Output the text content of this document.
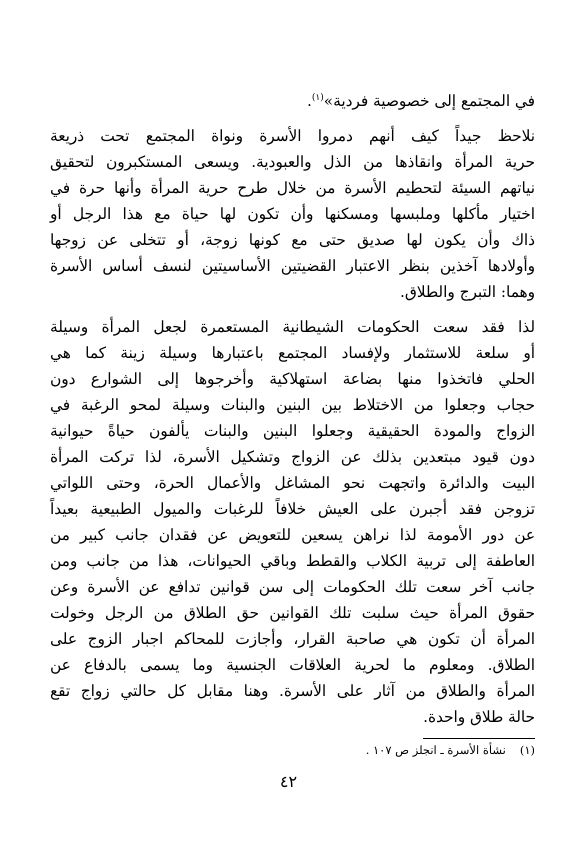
في المجتمع إلى خصوصية فردية»$^{(١)}$.
نلاحظ جيداً كيف أنهم دمروا الأسرة ونواة المجتمع تحت ذريعة
حرية المرأة وانقاذها من الذل والعبودية. ويسعى المستكبرون لتحقيق
نياتهم السيئة لتحطيم الأسرة من خلال طرح حرية المرأة وأنها حرة في
اختيار مأكلها وملبسها ومسكنها وأن تكون لها حياة مع هذا الرجل أو
ذاك وأن يكون لها صديق حتى مع كونها زوجة، أو تتخلى عن زوجها
وأولادها آخذين بنظر الاعتبار القضيتين الأساسيتين لنسف أساس الأسرة
وهما: التبرج والطلاق.
لذا فقد سعت الحكومات الشيطانية المستعمرة لجعل المرأة وسيلة
أو سلعة للاستثمار ولإفساد المجتمع باعتبارها وسيلة زينة كما هي
الحلي فاتخذوا منها بضاعة استهلاكية وأخرجوها إلى الشوارع دون
حجاب وجعلوا من الاختلاط بين البنين والبنات وسيلة لمحو الرغبة في
الزواج والمودة الحقيقية وجعلوا البنين والبنات يألفون حياةً حيوانية
دون قيود مبتعدين بذلك عن الزواج وتشكيل الأسرة، لذا تركت المرأة
البيت والدائرة واتجهت نحو المشاغل والأعمال الحرة، وحتى اللواتي
تزوجن فقد أجبرن على العيش خلافاً للرغبات والميول الطبيعية بعيداً
عن دور الأمومة لذا نراهن يسعين للتعويض عن فقدان جانب كبير من
العاطفة إلى تربية الكلاب والقطط وباقي الحيوانات، هذا من جانب ومن
جانب آخر سعت تلك الحكومات إلى سن قوانين تدافع عن الأسرة وعن
حقوق المرأة حيث سلبت تلك القوانين حق الطلاق من الرجل وخولت
المرأة أن تكون هي صاحبة القرار، وأجازت للمحاكم اجبار الزوج على
الطلاق. ومعلوم ما لحرية العلاقات الجنسية وما يسمى بالدفاع عن
المرأة والطلاق من آثار على الأسرة. وهنا مقابل كل حالتي زواج تقع
حالة طلاق واحدة.
(١)نشأة الأسرة ـ انجلز ص ١٠٧ .
٤٢
